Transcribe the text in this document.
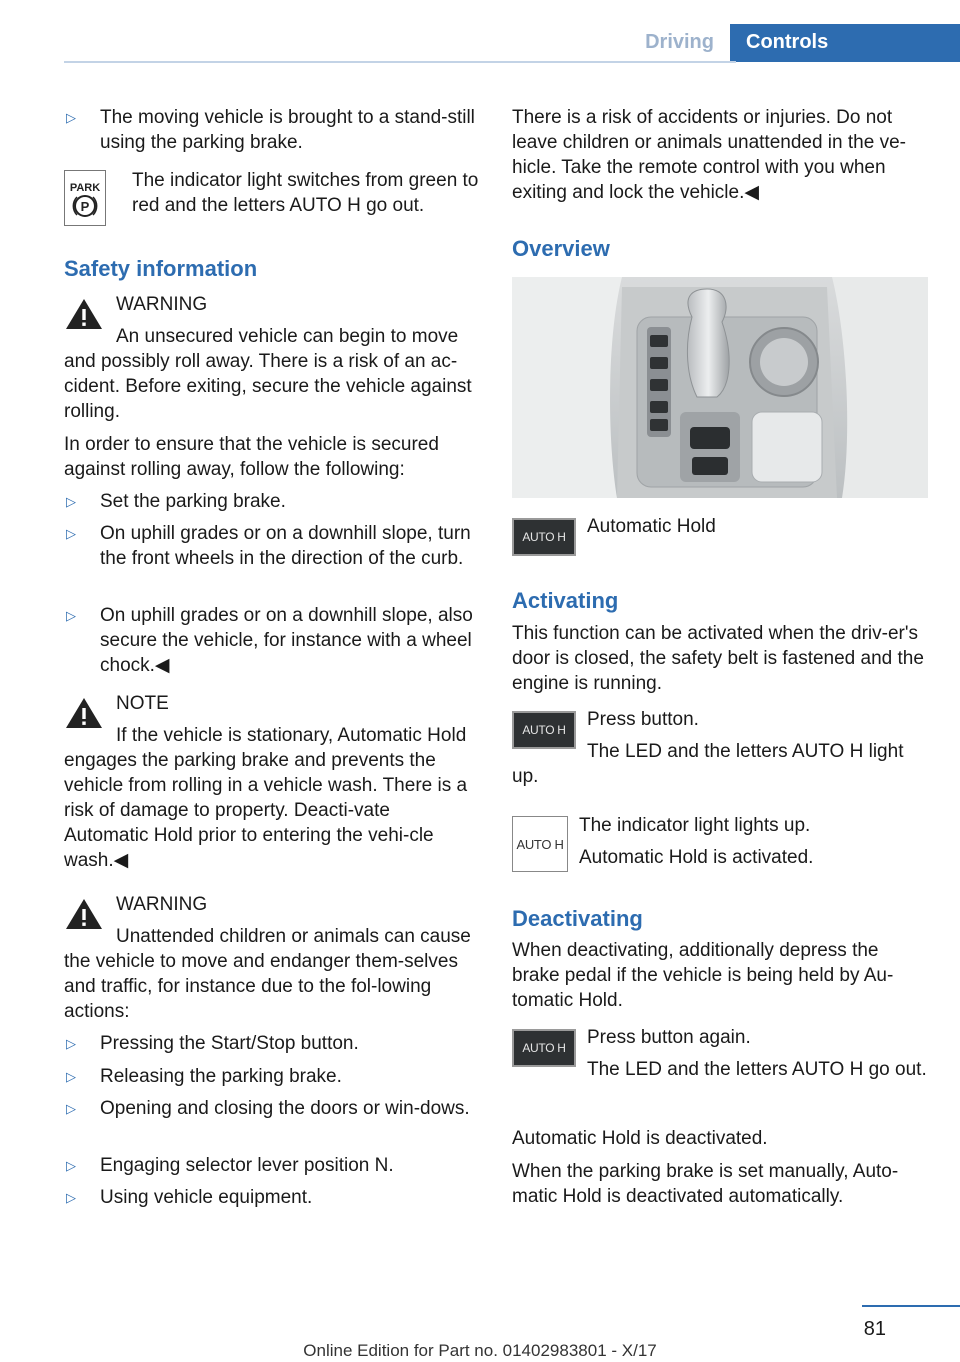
Driving	Controls
▷	The moving vehicle is brought to a stand‐still using the parking brake.

PARK
P

The indicator light switches from green to red and the letters AUTO H go out.

Safety information

WARNING

An unsecured vehicle can begin to move and possibly roll away. There is a risk of an ac‐cident. Before exiting, secure the vehicle against rolling.

In order to ensure that the vehicle is secured against rolling away, follow the following:

▷	Set the parking brake.

▷	On uphill grades or on a downhill slope, turn the front wheels in the direction of the curb.

▷	On uphill grades or on a downhill slope, also secure the vehicle, for instance with a wheel chock.◀

NOTE

If the vehicle is stationary, Automatic Hold engages the parking brake and prevents the vehicle from rolling in a vehicle wash. There is a risk of damage to property. Deacti‐vate Automatic Hold prior to entering the vehi‐cle wash.◀

WARNING

Unattended children or animals can cause the vehicle to move and endanger them‐selves and traffic, for instance due to the fol‐lowing actions:

▷	Pressing the Start/Stop button.

▷	Releasing the parking brake.

▷	Opening and closing the doors or win‐dows.

▷	Engaging selector lever position N.

▷	Using vehicle equipment.

There is a risk of accidents or injuries. Do not leave children or animals unattended in the ve‐hicle. Take the remote control with you when exiting and lock the vehicle.◀

Overview
AUTO H	Automatic Hold

Activating

This function can be activated when the driv‐er's door is closed, the safety belt is fastened and the engine is running.

AUTO H	Press button.

The LED and the letters AUTO H light up.

AUTO H

The indicator light lights up.

Automatic Hold is activated.

Deactivating

When deactivating, additionally depress the brake pedal if the vehicle is being held by Au‐tomatic Hold.

AUTO H	Press button again.

The LED and the letters AUTO H go out.

Automatic Hold is deactivated.

When the parking brake is set manually, Auto‐matic Hold is deactivated automatically.

81
Online Edition for Part no. 01402983801 - X/17
